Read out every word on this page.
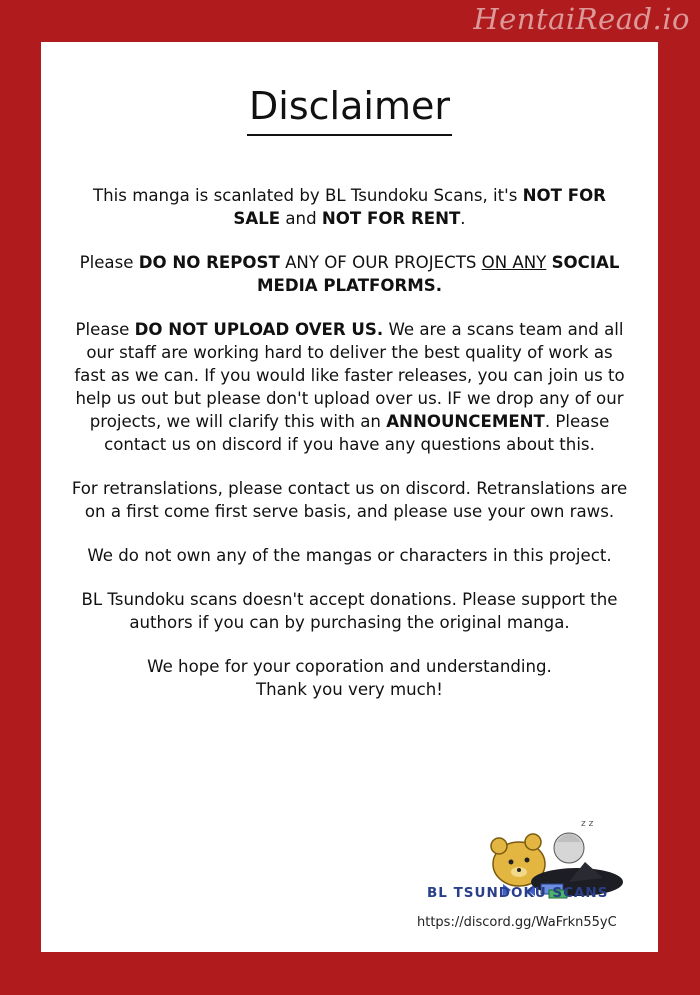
HentaiRead.io
Disclaimer

This manga is scanlated by BL Tsundoku Scans, it's NOT FOR SALE and NOT FOR RENT.

Please DO NO REPOST ANY OF OUR PROJECTS ON ANY SOCIAL MEDIA PLATFORMS.

Please DO NOT UPLOAD OVER US. We are a scans team and all our staff are working hard to deliver the best quality of work as fast as we can. If you would like faster releases, you can join us to help us out but please don't upload over us. IF we drop any of our projects, we will clarify this with an ANNOUNCEMENT. Please contact us on discord if you have any questions about this.

For retranslations, please contact us on discord. Retranslations are on a first come first serve basis, and please use your own raws.

We do not own any of the mangas or characters in this project.

BL Tsundoku scans doesn't accept donations. Please support the authors if you can by purchasing the original manga.

We hope for your coporation and understanding.
Thank you very much!

z z
BL TSUNDOKU SCANS
https://discord.gg/WaFrkn55yC
